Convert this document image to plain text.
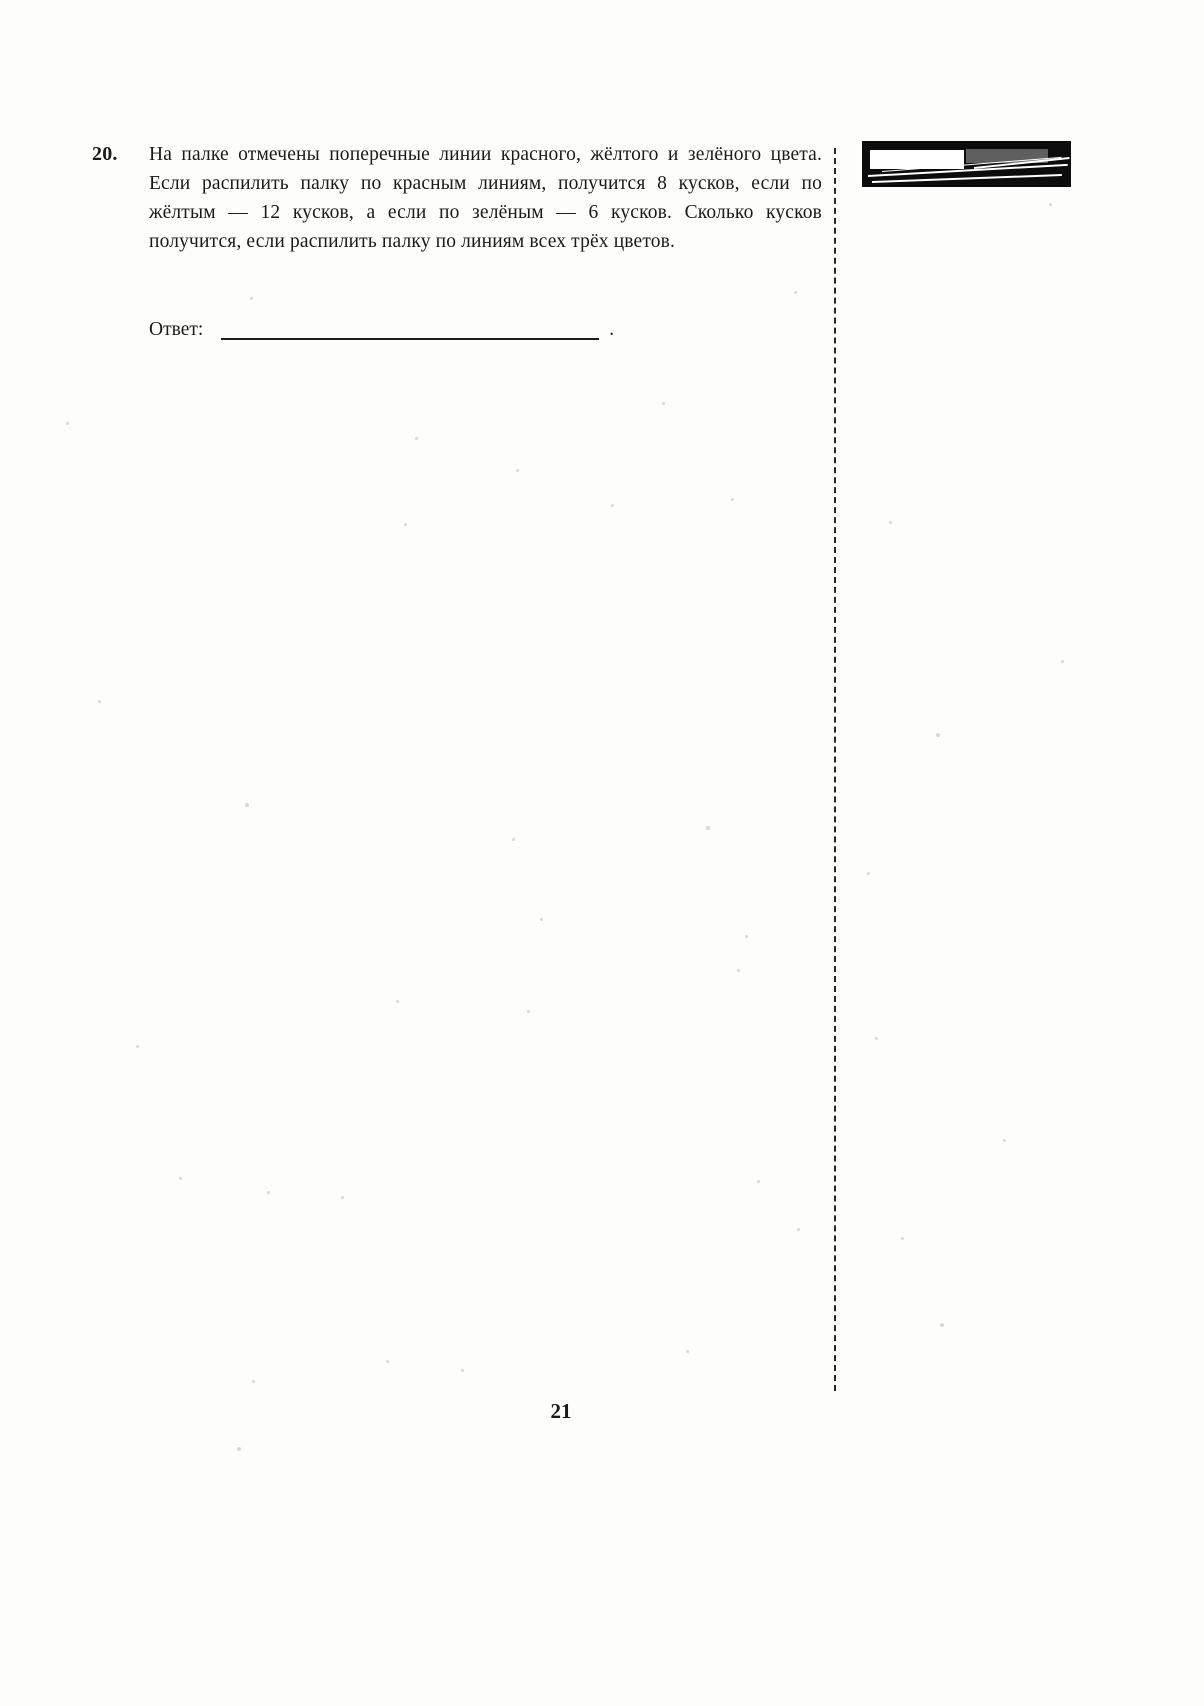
20.	На палке отмечены поперечные линии красного, жёлтого и зелёного цвета. Если распилить палку по красным линиям, получится 8 кусков, если по жёлтым — 12 кусков, а если по зелёным — 6 кусков. Сколько кусков получится, если распилить палку по линиям всех трёх цветов.

Ответ:	.
21
